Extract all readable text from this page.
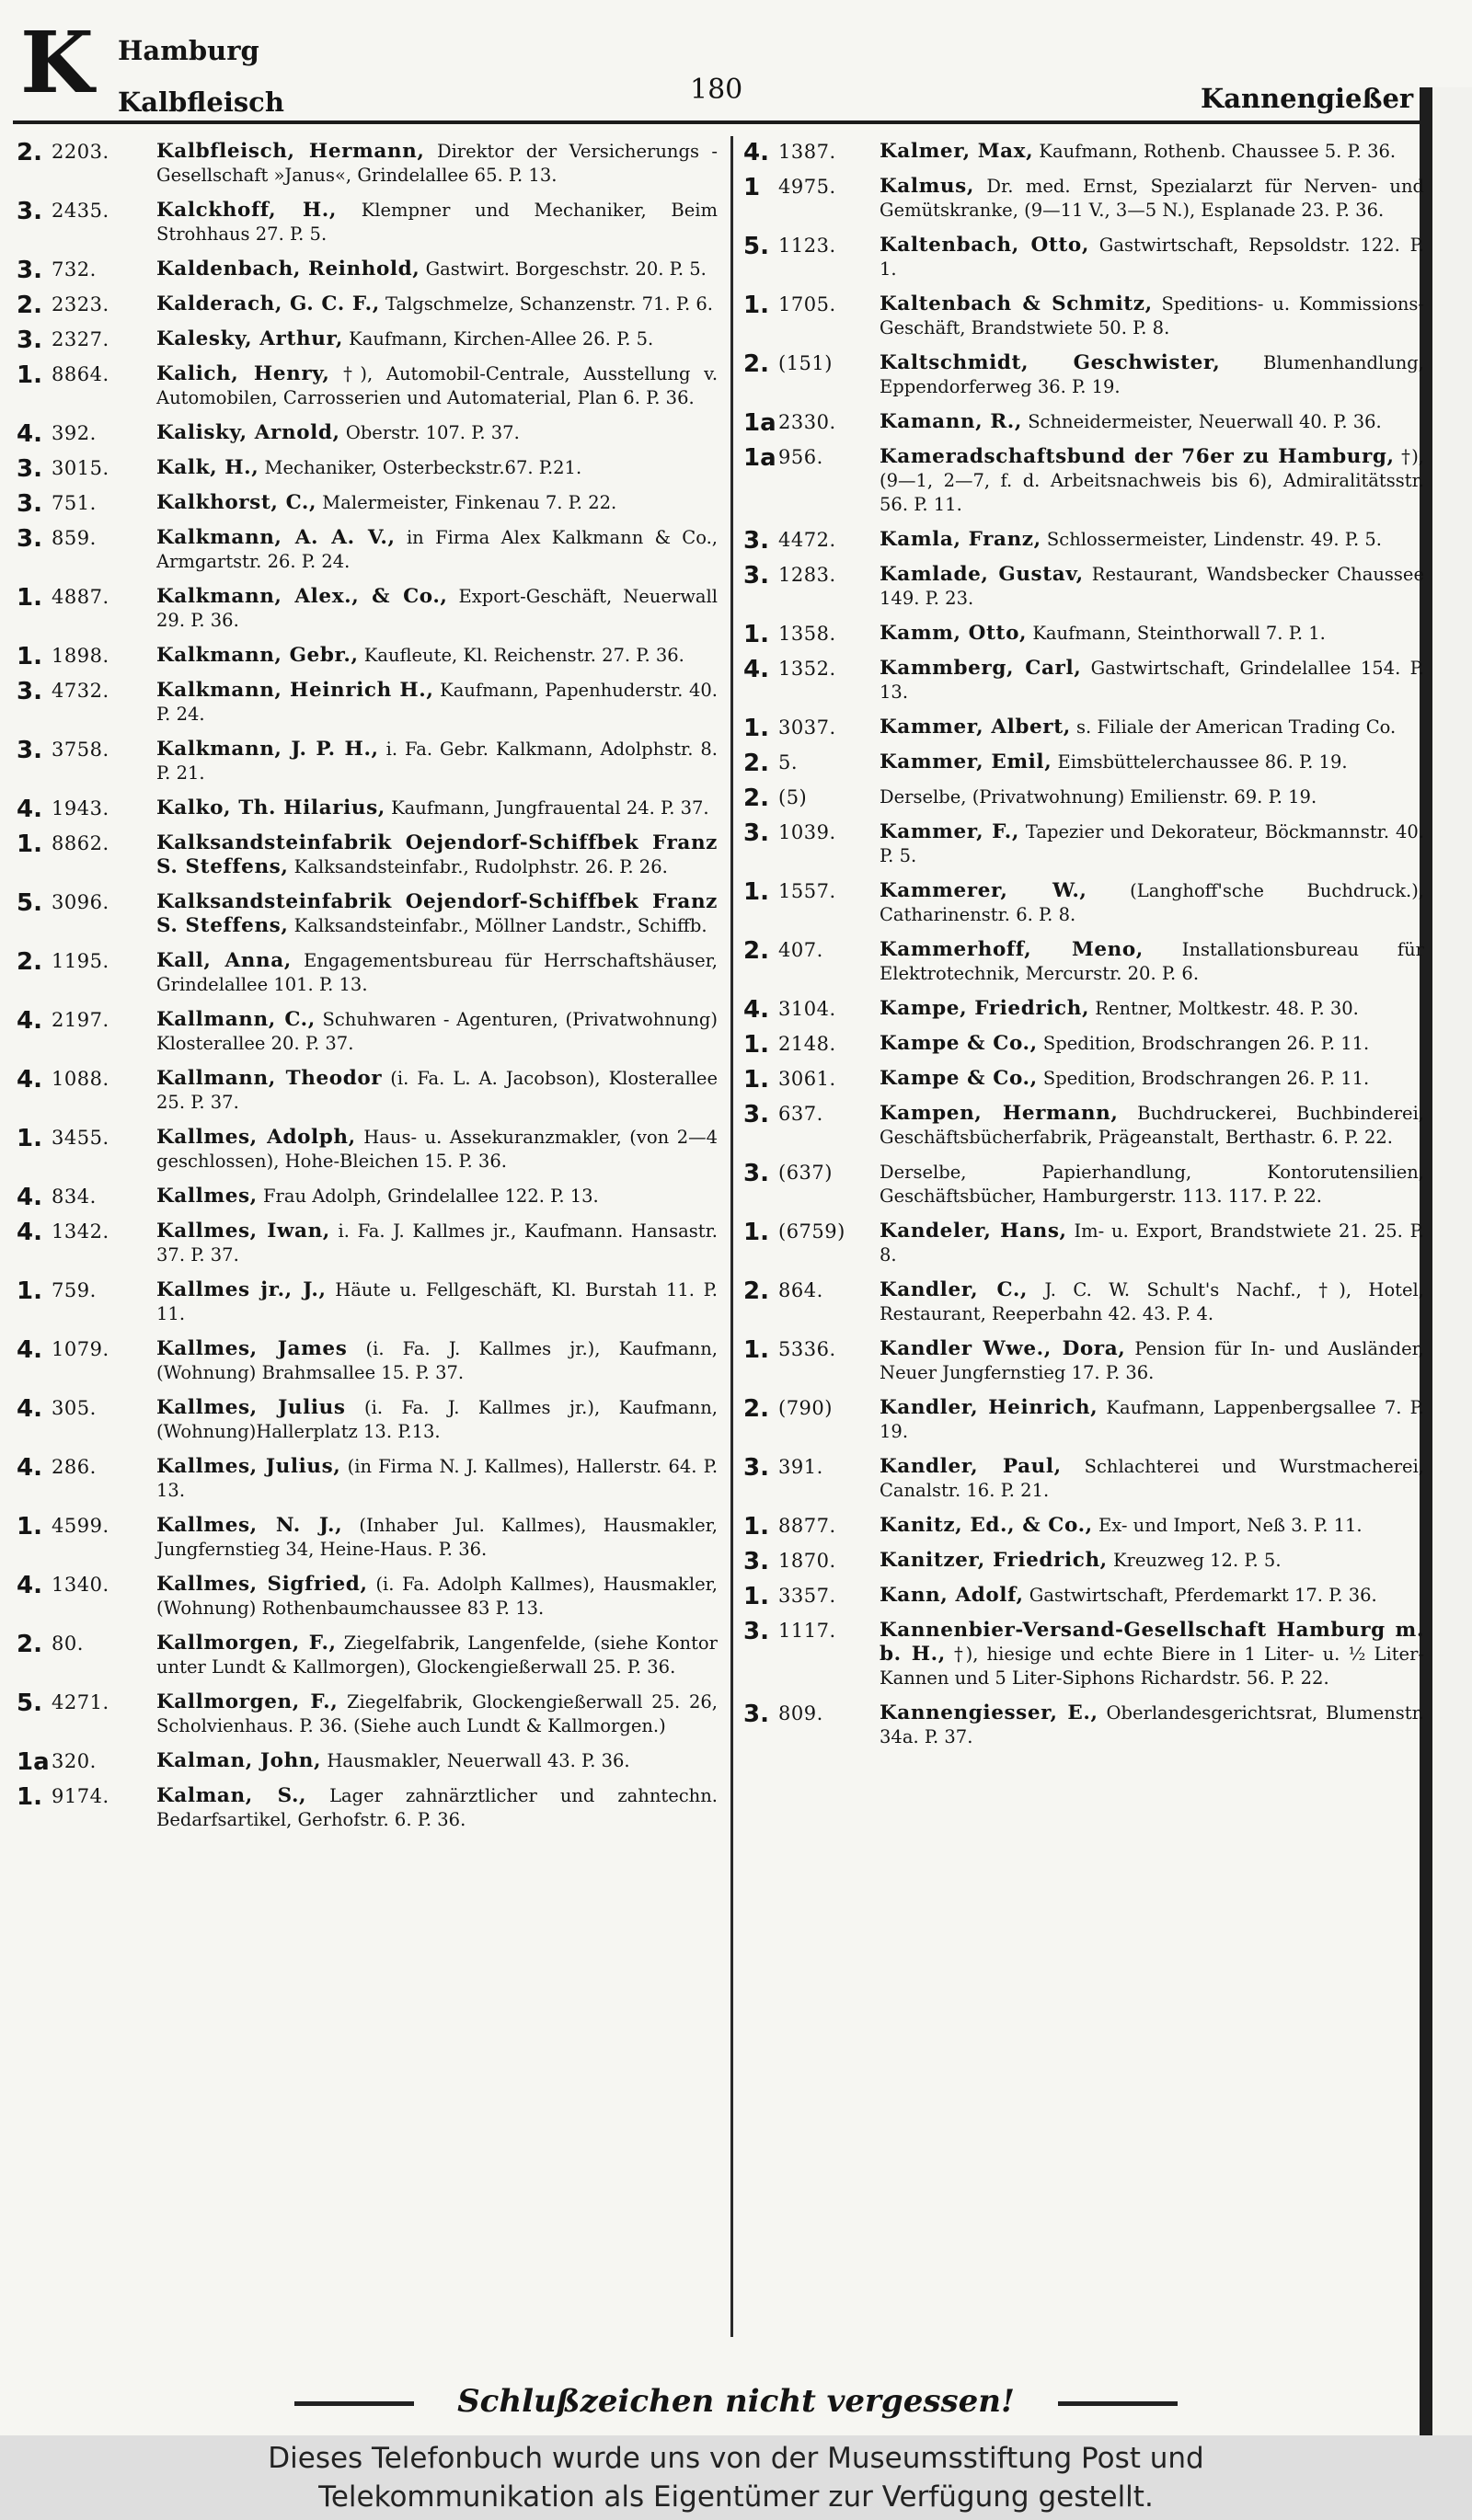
K Hamburg
Kalbfleisch	180	Kannengießer
2. 2203. Kalbfleisch, Hermann, Direktor der Versicherungs - Gesellschaft »Janus«, Grindelallee 65. P. 13.
3. 2435. Kalckhoff, H., Klempner und Mechaniker, Beim Strohhaus 27. P. 5.
3. 732.	Kaldenbach, Reinhold, Gastwirt. Borgeschstr. 20. P. 5.
2. 2323. Kalderach, G. C. F., Talgschmelze, Schanzenstr. 71. P. 6.
3. 2327. Kalesky, Arthur, Kaufmann, Kirchen-Allee 26. P. 5.
1. 8864. Kalich, Henry, †), Automobil-Centrale, Ausstellung v. Automobilen, Carrosserien und Automaterial, Plan 6. P. 36.
4. 392.	Kalisky, Arnold, Oberstr. 107. P. 37.
3. 3015. Kalk, H., Mechaniker, Osterbeckstr.67. P.21.
3. 751.	Kalkhorst, C., Malermeister, Finkenau 7. P. 22.
3. 859.	Kalkmann, A. A. V., in Firma Alex Kalkmann & Co., Armgartstr. 26. P. 24.
1. 4887. Kalkmann, Alex., & Co., Export-Geschäft, Neuerwall 29. P. 36.
1. 1898. Kalkmann, Gebr., Kaufleute, Kl. Reichenstr. 27. P. 36.
3. 4732. Kalkmann, Heinrich H., Kaufmann, Papenhuderstr. 40. P. 24.
3. 3758. Kalkmann, J. P. H., i. Fa. Gebr. Kalkmann, Adolphstr. 8. P. 21.
4. 1943. Kalko, Th. Hilarius, Kaufmann, Jungfrauental 24. P. 37.
1. 8862. Kalksandsteinfabrik Oejendorf-Schiffbek Franz S. Steffens, Kalksandsteinfabr., Rudolphstr. 26. P. 26.
5. 3096. Kalksandsteinfabrik Oejendorf-Schiffbek Franz S. Steffens, Kalksandsteinfabr., Möllner Landstr., Schiffb.
2. 1195. Kall, Anna, Engagementsbureau für Herrschaftshäuser, Grindelallee 101. P. 13.
4. 2197. Kallmann, C., Schuhwaren - Agenturen, (Privatwohnung) Klosterallee 20. P. 37.
4. 1088. Kallmann, Theodor (i. Fa. L. A. Jacobson), Klosterallee 25. P. 37.
1. 3455. Kallmes, Adolph, Haus- u. Assekuranzmakler, (von 2—4 geschlossen), Hohe-Bleichen 15. P. 36.
4. 834.	Kallmes, Frau Adolph, Grindelallee 122. P. 13.
4. 1342. Kallmes, Iwan, i. Fa. J. Kallmes jr., Kaufmann. Hansastr. 37. P. 37.
1. 759.	Kallmes jr., J., Häute u. Fellgeschäft, Kl. Burstah 11. P. 11.
4. 1079. Kallmes, James (i. Fa. J. Kallmes jr.), Kaufmann, (Wohnung) Brahmsallee 15. P. 37.
4. 305.	Kallmes, Julius (i. Fa. J. Kallmes jr.), Kaufmann,(Wohnung)Hallerplatz 13. P.13.
4. 286.	Kallmes, Julius, (in Firma N. J. Kallmes), Hallerstr. 64. P. 13.
1. 4599. Kallmes, N. J., (Inhaber Jul. Kallmes), Hausmakler, Jungfernstieg 34, Heine-Haus. P. 36.
4. 1340. Kallmes, Sigfried, (i. Fa. Adolph Kallmes), Hausmakler,(Wohnung) Rothenbaumchaussee 83 P. 13.
2. 80.	Kallmorgen, F., Ziegelfabrik, Langenfelde, (siehe Kontor unter Lundt & Kallmorgen), Glockengießerwall 25. P. 36.
5. 4271. Kallmorgen, F., Ziegelfabrik, Glockengießerwall 25. 26, Scholvienhaus. P. 36. (Siehe auch Lundt & Kallmorgen.)
1a 320.	Kalman, John, Hausmakler, Neuerwall 43. P. 36.
1. 9174. Kalman, S., Lager zahnärztlicher und zahntechn. Bedarfsartikel, Gerhofstr. 6. P. 36.
4. 1387. Kalmer, Max, Kaufmann, Rothenb. Chaussee 5. P. 36.
1 4975. Kalmus, Dr. med. Ernst, Spezialarzt für Nerven- und Gemütskranke, (9—11 V., 3—5 N.), Esplanade 23. P. 36.
5. 1123. Kaltenbach, Otto, Gastwirtschaft, Repsoldstr. 122. P. 1.
1. 1705. Kaltenbach & Schmitz, Speditions- u. Kommissions-Geschäft, Brandstwiete 50. P. 8.
2. (151) Kaltschmidt, Geschwister, Blumenhandlung, Eppendorferweg 36. P. 19.
1a 2330. Kamann, R., Schneidermeister, Neuerwall 40. P. 36.
1a 956.	Kameradschaftsbund der 76er zu Hamburg, †), (9—1, 2—7, f. d. Arbeitsnachweis bis 6), Admiralitätsstr. 56. P. 11.
3. 4472. Kamla, Franz, Schlossermeister, Lindenstr. 49. P. 5.
3. 1283. Kamlade, Gustav, Restaurant, Wandsbecker Chaussee 149. P. 23.
1. 1358. Kamm, Otto, Kaufmann, Steinthorwall 7. P. 1.
4. 1352. Kammberg, Carl, Gastwirtschaft, Grindelallee 154. P. 13.
1. 3037. Kammer, Albert, s. Filiale der American Trading Co.
2. 5.	Kammer, Emil, Eimsbüttelerchaussee 86. P. 19.
2. (5)	Derselbe, (Privatwohnung) Emilienstr. 69. P. 19.
3. 1039. Kammer, F., Tapezier und Dekorateur, Böckmannstr. 40. P. 5.
1. 1557. Kammerer, W., (Langhoff'sche Buchdruck.), Catharinenstr. 6. P. 8.
2. 407.	Kammerhoff, Meno, Installationsbureau für Elektrotechnik, Mercurstr. 20. P. 6.
4. 3104. Kampe, Friedrich, Rentner, Moltkestr. 48. P. 30.
1. 2148. Kampe & Co., Spedition, Brodschrangen 26. P. 11.
1. 3061. Kampe & Co., Spedition, Brodschrangen 26. P. 11.
3. 637.	Kampen, Hermann, Buchdruckerei, Buchbinderei, Geschäftsbücherfabrik, Prägeanstalt, Berthastr. 6. P. 22.
3. (637)	Derselbe, Papierhandlung, Kontorutensilien, Geschäftsbücher, Hamburgerstr. 113. 117. P. 22.
1. (6759) Kandeler, Hans, Im- u. Export, Brandstwiete 21. 25. P. 8.
2. 864.	Kandler, C., J. C. W. Schult's Nachf., †), Hotel, Restaurant, Reeperbahn 42. 43. P. 4.
1. 5336. Kandler Wwe., Dora, Pension für In- und Ausländer, Neuer Jungfernstieg 17. P. 36.
2. (790) Kandler, Heinrich, Kaufmann, Lappenbergsallee 7. P. 19.
3. 391.	Kandler, Paul, Schlachterei und Wurstmacherei, Canalstr. 16. P. 21.
1. 8877. Kanitz, Ed., & Co., Ex- und Import, Neß 3. P. 11.
3. 1870. Kanitzer, Friedrich, Kreuzweg 12. P. 5.
1. 3357. Kann, Adolf, Gastwirtschaft, Pferdemarkt 17. P. 36.
3. 1117. Kannenbier-Versand-Gesellschaft Hamburg m. b. H., †), hiesige und echte Biere in 1 Liter- u. ½ Liter-Kannen und 5 Liter-Siphons Richardstr. 56. P. 22.
3. 809.	Kannengiesser, E., Oberlandesgerichtsrat, Blumenstr. 34a. P. 37.
Schlußzeichen nicht vergessen!
Dieses Telefonbuch wurde uns von der Museumsstiftung Post und
Telekommunikation als Eigentümer zur Verfügung gestellt.
